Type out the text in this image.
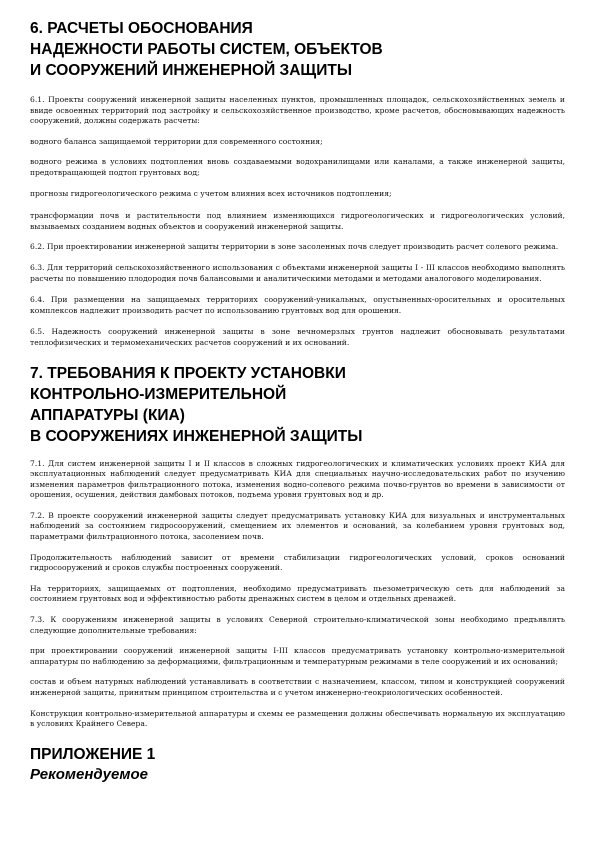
6. РАСЧЕТЫ ОБОСНОВАНИЯ
НАДЕЖНОСТИ РАБОТЫ СИСТЕМ, ОБЪЕКТОВ
И СООРУЖЕНИЙ ИНЖЕНЕРНОЙ ЗАЩИТЫ

6.1. Проекты сооружений инженерной защиты населенных пунктов, промышленных площадок, сельскохозяйственных земель и ввиде освоенных территорий под застройку и сельскохозяйственное производство, кроме расчетов, обосновывающих надежность сооружений, должны содержать расчеты:

водного баланса защищаемой территории для современного состояния;

водного режима в условиях подтопления вновь создаваемыми водохранилищами или каналами, а также инженерной защиты, предотвращающей подтоп грунтовых вод;

прогнозы гидрогеологического режима с учетом влияния всех источников подтопления;

трансформации почв и растительности под влиянием изменяющихся гидрогеологических и гидрогеологических условий, вызываемых созданием водных объектов и сооружений инженерной защиты.

6.2. При проектировании инженерной защиты территории в зоне засоленных почв следует производить расчет солевого режима.

6.3. Для территорий сельскохозяйственного использования с объектами инженерной защиты I - III классов необходимо выполнять расчеты по повышению плодородия почв балансовыми и аналитическими методами и методами аналогового моделирования.

6.4. При размещении на защищаемых территориях сооружений-уникальных, опустыненных-оросительных и оросительных комплексов надлежит производить расчет по использованию грунтовых вод для орошения.

6.5. Надежность сооружений инженерной защиты в зоне вечномерзлых грунтов надлежит обосновывать результатами теплофизических и термомеханических расчетов сооружений и их оснований.

7. ТРЕБОВАНИЯ К ПРОЕКТУ УСТАНОВКИ
КОНТРОЛЬНО-ИЗМЕРИТЕЛЬНОЙ
АППАРАТУРЫ (КИА)
В СООРУЖЕНИЯХ ИНЖЕНЕРНОЙ ЗАЩИТЫ

7.1. Для систем инженерной защиты I и II классов в сложных гидрогеологических и климатических условиях проект КИА для эксплуатационных наблюдений следует предусматривать КИА для специальных научно-исследовательских работ по изучению изменения параметров фильтрационного потока, изменения водно-солевого режима почво-грунтов во времени в зависимости от орошения, осушения, действия дамбовых потоков, подъема уровня грунтовых вод и др.

7.2. В проекте сооружений инженерной защиты следует предусматривать установку КИА для визуальных и инструментальных наблюдений за состоянием гидросооружений, смещением их элементов и оснований, за колебанием уровня грунтовых вод, параметрами фильтрационного потока, засолением почв.

Продолжительность наблюдений зависит от времени стабилизации гидрогеологических условий, сроков оснований гидросооружений и сроков службы построенных сооружений.

На территориях, защищаемых от подтопления, необходимо предусматривать пьезометрическую сеть для наблюдений за состоянием грунтовых вод и эффективностью работы дренажных систем в целом и отдельных дренажей.

7.3. К сооружениям инженерной защиты в условиях Северной строительно-климатической зоны необходимо предъявлять следующие дополнительные требования:

при проектировании сооружений инженерной защиты I-III классов предусматривать установку контрольно-измерительной аппаратуры по наблюдению за деформациями, фильтрационным и температурным режимами в теле сооружений и их оснований;

состав и объем натурных наблюдений устанавливать в соответствии с назначением, классом, типом и конструкцией сооружений инженерной защиты, принятым принципом строительства и с учетом инженерно-геокриологических особенностей.

Конструкция контрольно-измерительной аппаратуры и схемы ее размещения должны обеспечивать нормальную их эксплуатацию в условиях Крайнего Севера.

ПРИЛОЖЕНИЕ 1
Рекомендуемое
